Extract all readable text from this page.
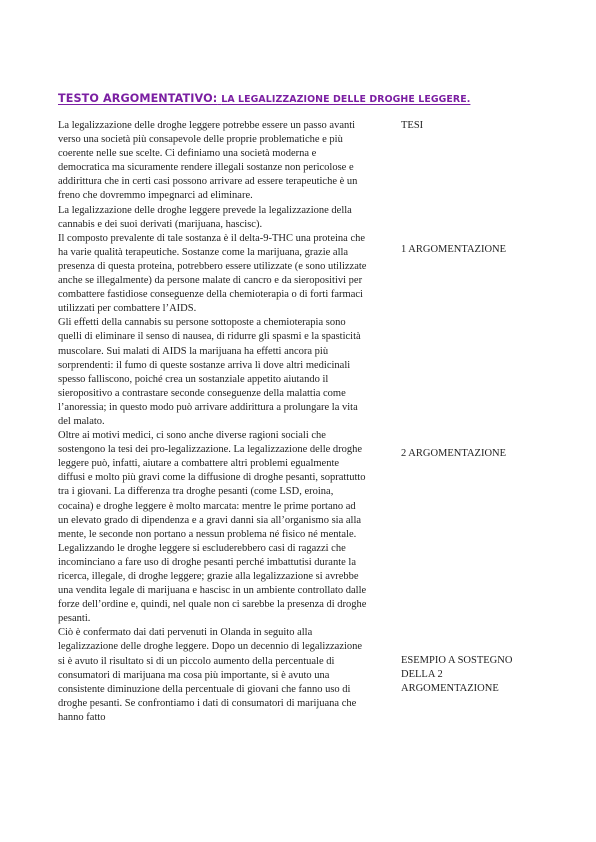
TESTO ARGOMENTATIVO: LA LEGALIZZAZIONE DELLE DROGHE LEGGERE.

La legalizzazione delle droghe leggere potrebbe essere un passo avanti verso una società più consapevole delle proprie problematiche e più coerente nelle sue scelte. Ci definiamo una società moderna e democratica ma sicuramente rendere illegali sostanze non pericolose e addirittura che in certi casi possono arrivare ad essere terapeutiche è un freno che dovremmo impegnarci ad eliminare.

La legalizzazione delle droghe leggere prevede la legalizzazione della cannabis e dei suoi derivati (marijuana, hascisc).

Il composto prevalente di tale sostanza è il delta-9-THC una proteina che ha varie qualità terapeutiche. Sostanze come la marijuana, grazie alla presenza di questa proteina, potrebbero essere utilizzate (e sono utilizzate anche se illegalmente) da persone malate di cancro e da sieropositivi per combattere fastidiose conseguenze della chemioterapia o di forti farmaci utilizzati per combattere l’AIDS.

Gli effetti della cannabis su persone sottoposte a chemioterapia sono quelli di eliminare il senso di nausea, di ridurre gli spasmi e la spasticità muscolare. Sui malati di AIDS la marijuana ha effetti ancora più sorprendenti: il fumo di queste sostanze arriva lì dove altri medicinali spesso falliscono, poiché crea un sostanziale appetito aiutando il sieropositivo a contrastare seconde conseguenze della malattia come l’anoressia; in questo modo può arrivare addirittura a prolungare la vita del malato.

Oltre ai motivi medici, ci sono anche diverse ragioni sociali che sostengono la tesi dei pro-legalizzazione. La legalizzazione delle droghe leggere può, infatti, aiutare a combattere altri problemi egualmente diffusi e molto più gravi come la diffusione di droghe pesanti, soprattutto tra i giovani. La differenza tra droghe pesanti (come LSD, eroina, cocaina) e droghe leggere è molto marcata: mentre le prime portano ad un elevato grado di dipendenza e a gravi danni sia all’organismo sia alla mente, le seconde non portano a nessun problema né fisico né mentale.

Legalizzando le droghe leggere si escluderebbero casi di ragazzi che incominciano a fare uso di droghe pesanti perché imbattutisi durante la ricerca, illegale, di droghe leggere; grazie alla legalizzazione si avrebbe una vendita legale di marijuana e hascisc in un ambiente controllato dalle forze dell’ordine e, quindi, nel quale non ci sarebbe la presenza di droghe pesanti.

Ciò è confermato dai dati pervenuti in Olanda in seguito alla legalizzazione delle droghe leggere. Dopo un decennio di legalizzazione si è avuto il risultato si di un piccolo aumento della percentuale di consumatori di marijuana ma cosa più importante, si è avuto una consistente diminuzione della percentuale di giovani che fanno uso di droghe pesanti. Se confrontiamo i dati di consumatori di marijuana che hanno fatto

TESI
1 ARGOMENTAZIONE
2 ARGOMENTAZIONE
ESEMPIO A SOSTEGNO DELLA 2 ARGOMENTAZIONE
